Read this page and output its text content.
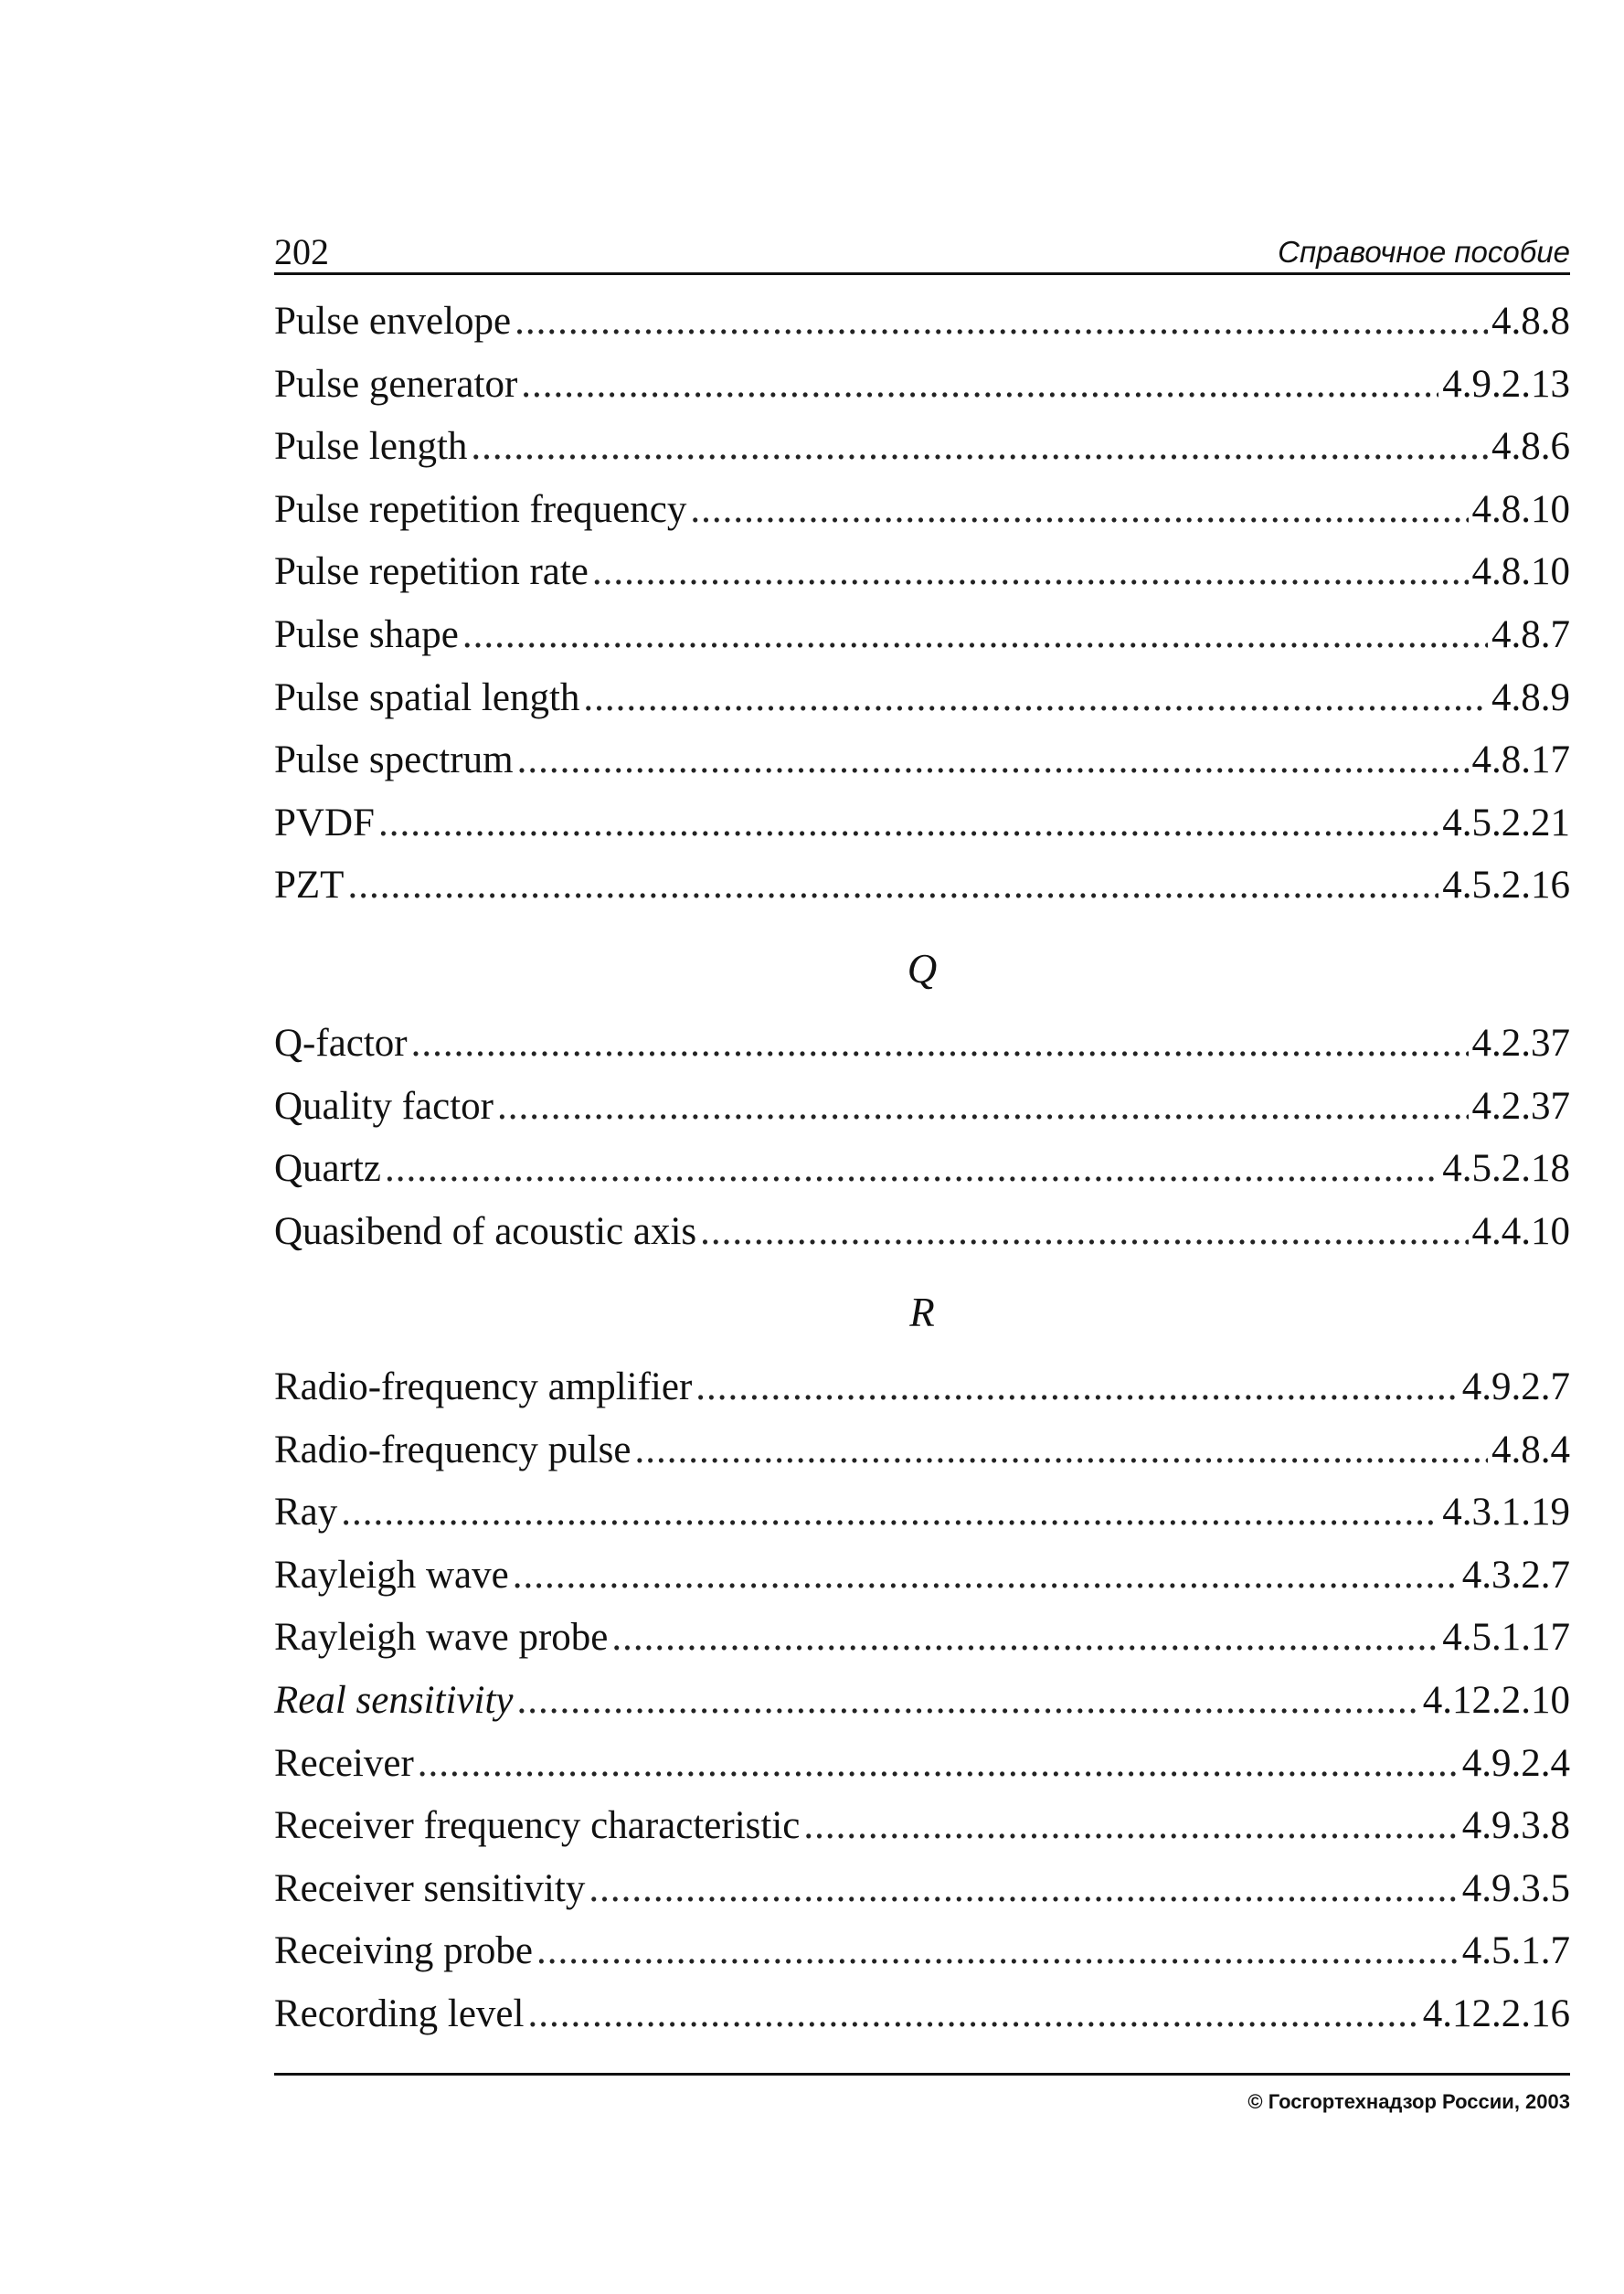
202	Справочное пособие
Pulse envelope .....	4.8.8
Pulse generator .....	4.9.2.13
Pulse length .....	4.8.6
Pulse repetition frequency .....	4.8.10
Pulse repetition rate .....	4.8.10
Pulse shape .....	4.8.7
Pulse spatial length .....	4.8.9
Pulse spectrum .....	4.8.17
PVDF .....	4.5.2.21
PZT .....	4.5.2.16
Q
Q-factor .....	4.2.37
Quality factor .....	4.2.37
Quartz .....	4.5.2.18
Quasibend of acoustic axis .....	4.4.10
R
Radio-frequency amplifier .....	4.9.2.7
Radio-frequency pulse .....	4.8.4
Ray .....	4.3.1.19
Rayleigh wave .....	4.3.2.7
Rayleigh wave probe .....	4.5.1.17
Real sensitivity .....	4.12.2.10
Receiver .....	4.9.2.4
Receiver frequency characteristic .....	4.9.3.8
Receiver sensitivity .....	4.9.3.5
Receiving probe .....	4.5.1.7
Recording level .....	4.12.2.16
© Госгортехнадзор России, 2003
